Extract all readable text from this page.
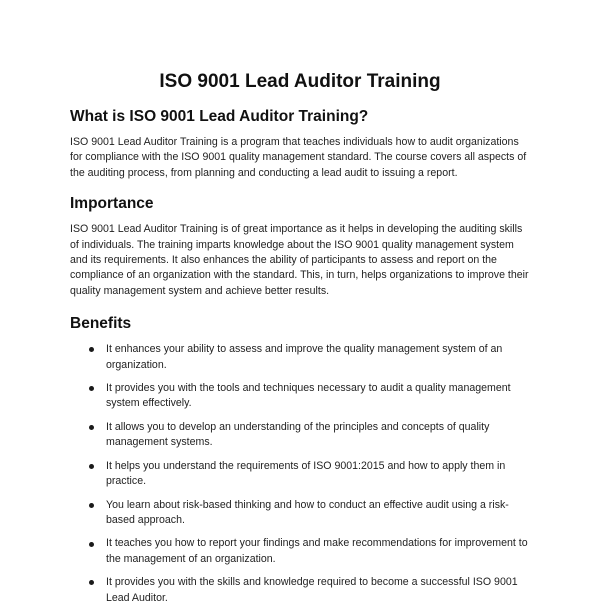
ISO 9001 Lead Auditor Training
What is ISO 9001 Lead Auditor Training?

ISO 9001 Lead Auditor Training is a program that teaches individuals how to audit organizations for compliance with the ISO 9001 quality management standard. The course covers all aspects of the auditing process, from planning and conducting a lead audit to issuing a report.

Importance

ISO 9001 Lead Auditor Training is of great importance as it helps in developing the auditing skills of individuals. The training imparts knowledge about the ISO 9001 quality management system and its requirements. It also enhances the ability of participants to assess and report on the compliance of an organization with the standard. This, in turn, helps organizations to improve their quality management system and achieve better results.

Benefits
It enhances your ability to assess and improve the quality management system of an organization.
It provides you with the tools and techniques necessary to audit a quality management system effectively.
It allows you to develop an understanding of the principles and concepts of quality management systems.
It helps you understand the requirements of ISO 9001:2015 and how to apply them in practice.
You learn about risk-based thinking and how to conduct an effective audit using a risk-based approach.
It teaches you how to report your findings and make recommendations for improvement to the management of an organization.
It provides you with the skills and knowledge required to become a successful ISO 9001 Lead Auditor.
